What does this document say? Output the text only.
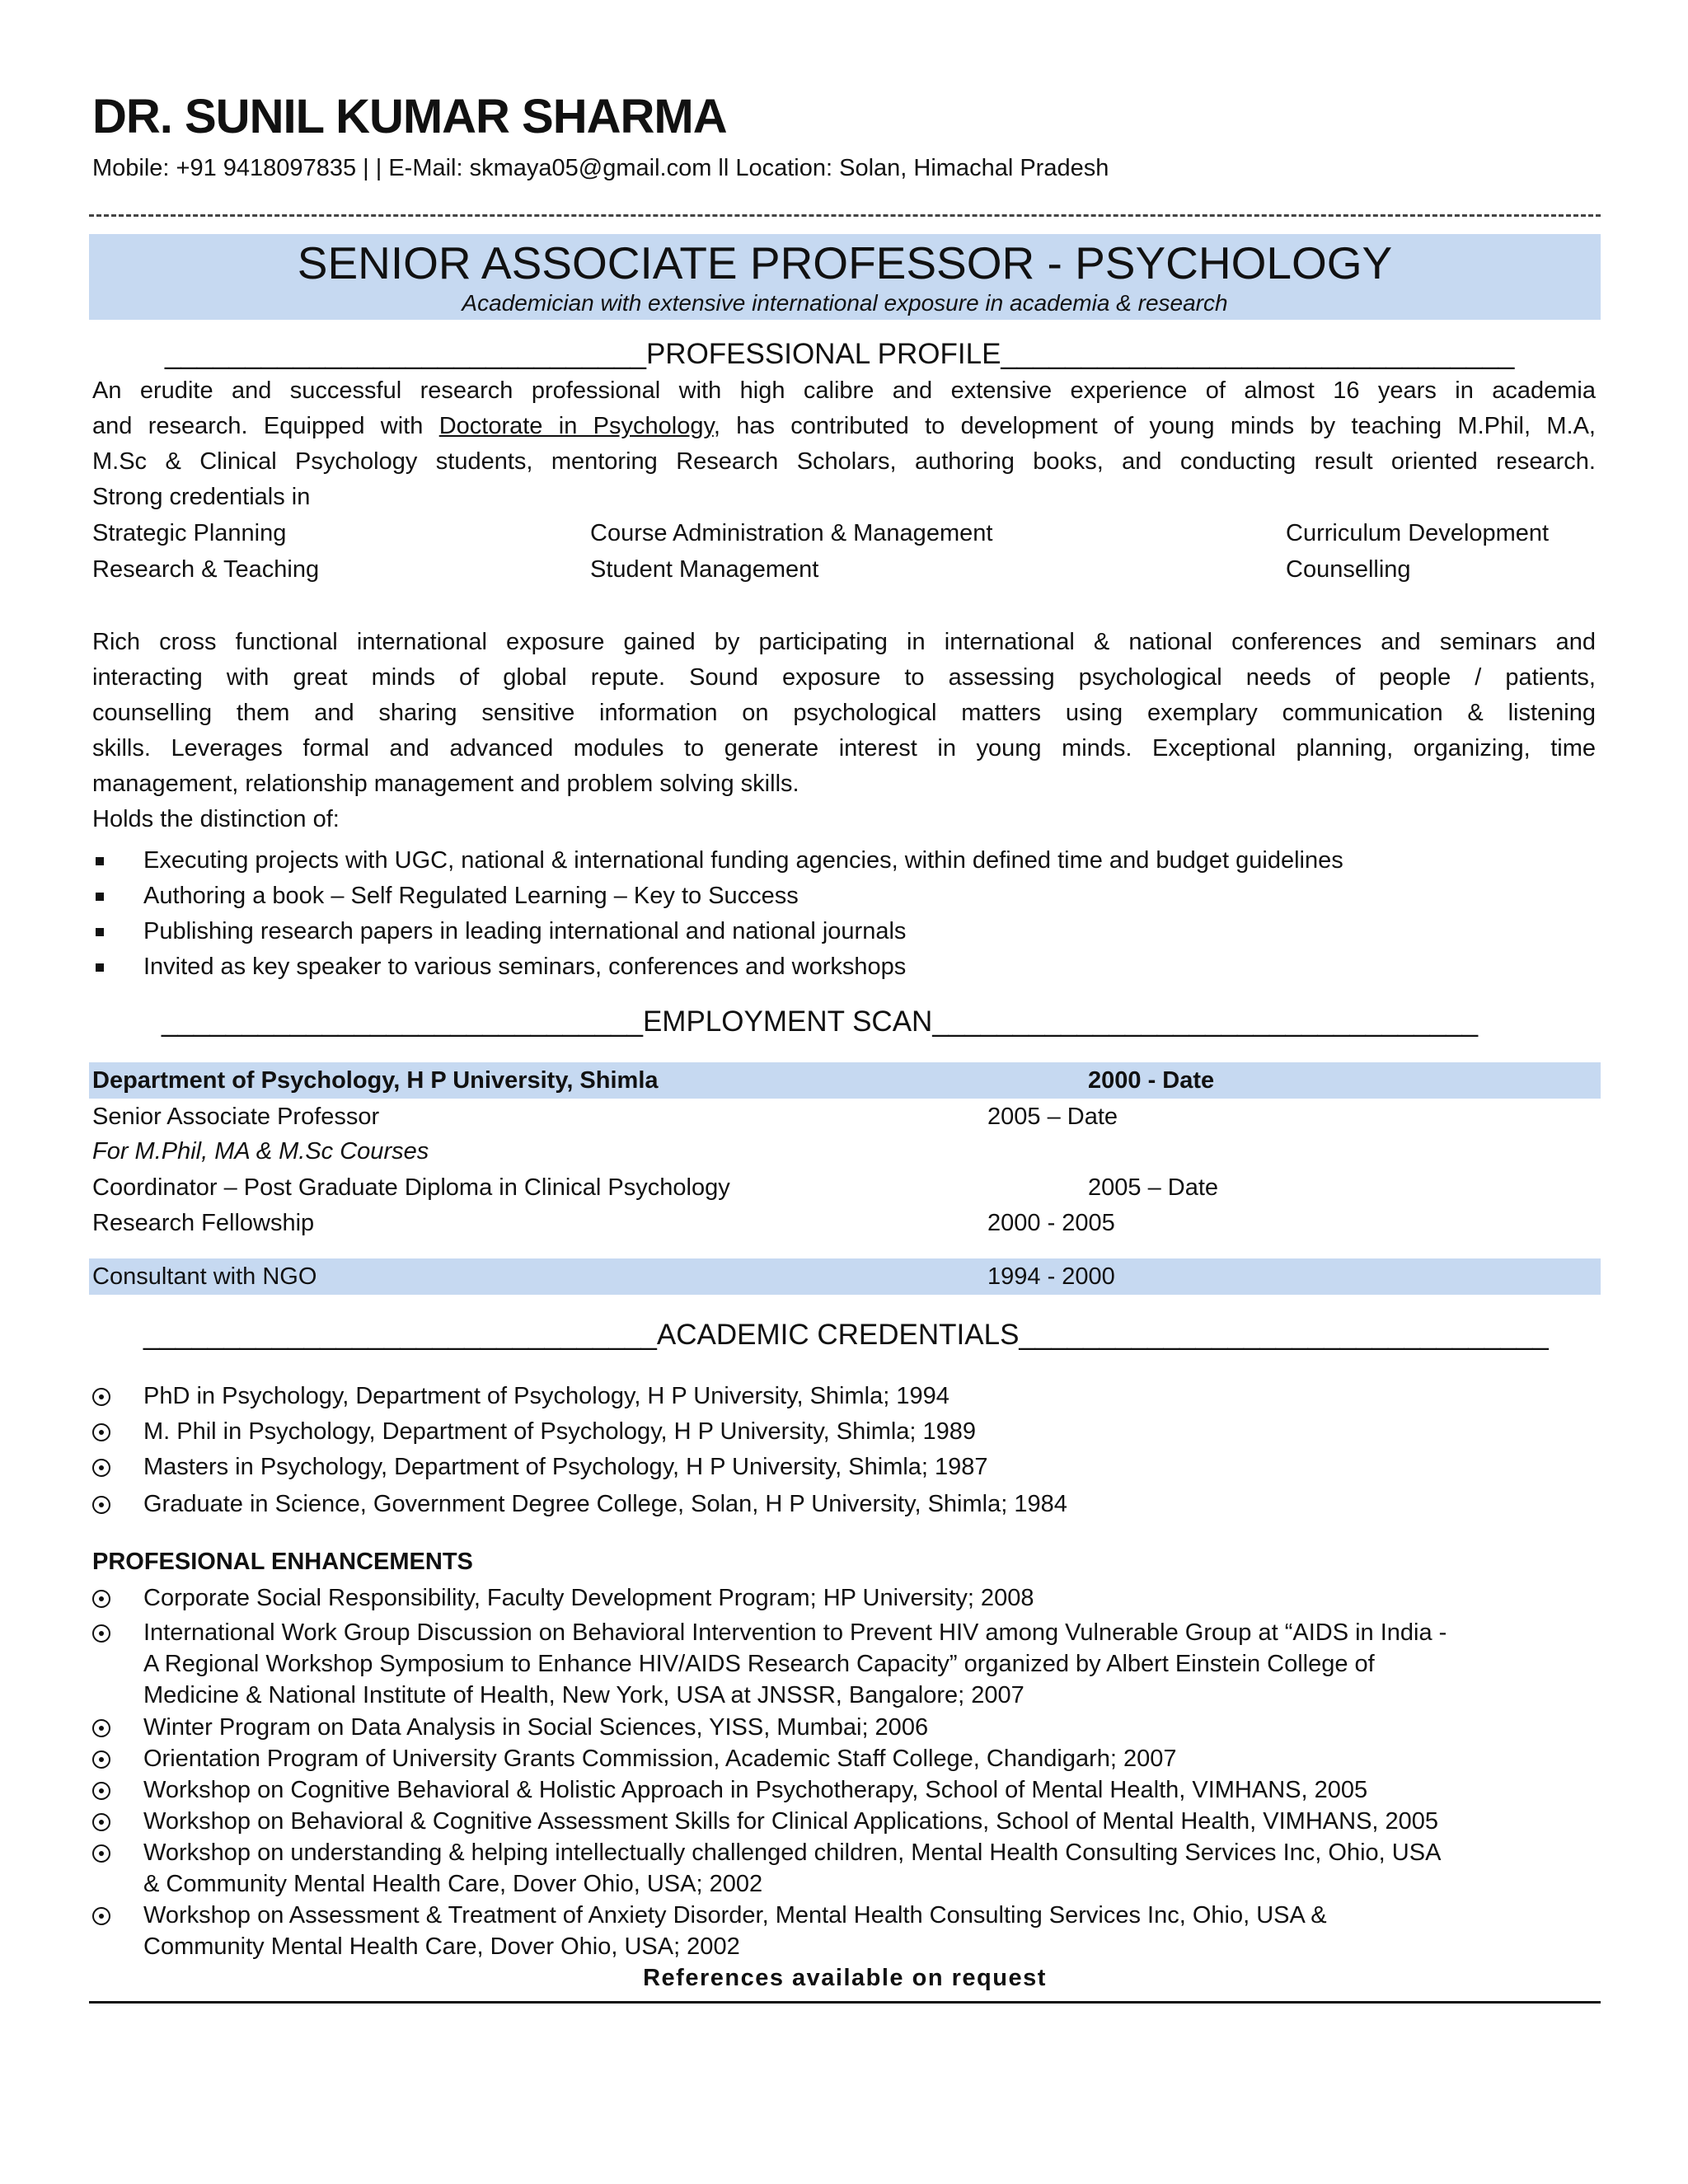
DR. SUNIL KUMAR SHARMA
Mobile: +91 9418097835 | | E-Mail: skmaya05@gmail.com ll Location: Solan, Himachal Pradesh
SENIOR ASSOCIATE PROFESSOR - PSYCHOLOGY
Academician with extensive international exposure in academia & research
______________________________PROFESSIONAL PROFILE________________________________
An erudite and successful research professional with high calibre and extensive experience of almost 16 years in academia
and research. Equipped with Doctorate in Psychology, has contributed to development of young minds by teaching M.Phil, M.A,
M.Sc & Clinical Psychology students, mentoring Research Scholars, authoring books, and conducting result oriented research.
Strong credentials in
Strategic Planning	Course Administration & Management	Curriculum Development
Research & Teaching	Student Management	Counselling
Rich cross functional international exposure gained by participating in international & national conferences and seminars and
interacting with great minds of global repute. Sound exposure to assessing psychological needs of people / patients,
counselling them and sharing sensitive information on psychological matters using exemplary communication & listening
skills. Leverages formal and advanced modules to generate interest in young minds. Exceptional planning, organizing, time
management, relationship management and problem solving skills.
Holds the distinction of:
Executing projects with UGC, national & international funding agencies, within defined time and budget guidelines
Authoring a book – Self Regulated Learning – Key to Success
Publishing research papers in leading international and national journals
Invited as key speaker to various seminars, conferences and workshops
______________________________EMPLOYMENT SCAN__________________________________
Department of Psychology, H P University, Shimla	2000 - Date
Senior Associate Professor	2005 – Date
For M.Phil, MA & M.Sc Courses
Coordinator – Post Graduate Diploma in Clinical Psychology	2005 – Date
Research Fellowship	2000 - 2005
Consultant with NGO	1994 - 2000
________________________________ACADEMIC CREDENTIALS_________________________________
PhD in Psychology, Department of Psychology, H P University, Shimla; 1994
M. Phil in Psychology, Department of Psychology, H P University, Shimla; 1989
Masters in Psychology, Department of Psychology, H P University, Shimla; 1987
Graduate in Science, Government Degree College, Solan, H P University, Shimla; 1984
PROFESIONAL ENHANCEMENTS
Corporate Social Responsibility, Faculty Development Program; HP University; 2008
International Work Group Discussion on Behavioral Intervention to Prevent HIV among Vulnerable Group at “AIDS in India -
A Regional Workshop Symposium to Enhance HIV/AIDS Research Capacity” organized by Albert Einstein College of
Medicine & National Institute of Health, New York, USA at JNSSR, Bangalore; 2007
Winter Program on Data Analysis in Social Sciences, YISS, Mumbai; 2006
Orientation Program of University Grants Commission, Academic Staff College, Chandigarh; 2007
Workshop on Cognitive Behavioral & Holistic Approach in Psychotherapy, School of Mental Health, VIMHANS, 2005
Workshop on Behavioral & Cognitive Assessment Skills for Clinical Applications, School of Mental Health, VIMHANS, 2005
Workshop on understanding & helping intellectually challenged children, Mental Health Consulting Services Inc, Ohio, USA
& Community Mental Health Care, Dover Ohio, USA; 2002
Workshop on Assessment & Treatment of Anxiety Disorder, Mental Health Consulting Services Inc, Ohio, USA &
Community Mental Health Care, Dover Ohio, USA; 2002
References available on request
